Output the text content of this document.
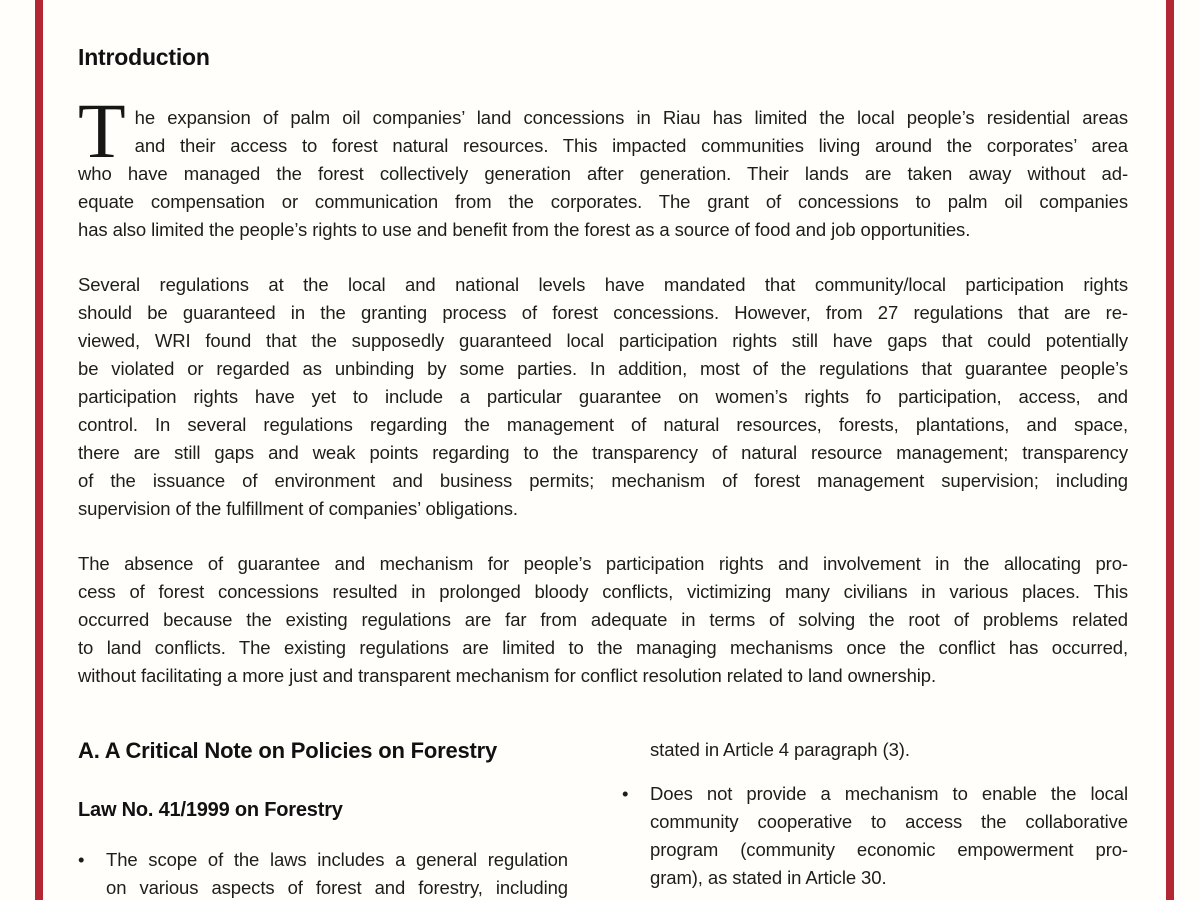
Introduction
T he expansion of palm oil companies’ land concessions in Riau has limited the local people’s residential areas
and their access to forest natural resources. This impacted communities living around the corporates’ area
who have managed the forest collectively generation after generation. Their lands are taken away without ad-
equate compensation or communication from the corporates. The grant of concessions to palm oil companies
has also limited the people’s rights to use and benefit from the forest as a source of food and job opportunities.
Several regulations at the local and national levels have mandated that community/local participation rights
should be guaranteed in the granting process of forest concessions. However, from 27 regulations that are re-
viewed, WRI found that the supposedly guaranteed local participation rights still have gaps that could potentially
be violated or regarded as unbinding by some parties. In addition, most of the regulations that guarantee people’s
participation rights have yet to include a particular guarantee on women’s rights fo participation, access, and
control. In several regulations regarding the management of natural resources, forests, plantations, and space,
there are still gaps and weak points regarding to the transparency of natural resource management; transparency
of the issuance of environment and business permits; mechanism of forest management supervision; including
supervision of the fulfillment of companies’ obligations.
The absence of guarantee and mechanism for people’s participation rights and involvement in the allocating pro-
cess of forest concessions resulted in prolonged bloody conflicts, victimizing many civilians in various places. This
occurred because the existing regulations are far from adequate in terms of solving the root of problems related
to land conflicts. The existing regulations are limited to the managing mechanisms once the conflict has occurred,
without facilitating a more just and transparent mechanism for conflict resolution related to land ownership.
A. A Critical Note on Policies on Forestry
Law No. 41/1999 on Forestry
•	The scope of the laws includes a general regulation
on various aspects of forest and forestry, including
stated in Article 4 paragraph (3).
•	Does not provide a mechanism to enable the local
community cooperative to access the collaborative
program (community economic empowerment pro-
gram), as stated in Article 30.
